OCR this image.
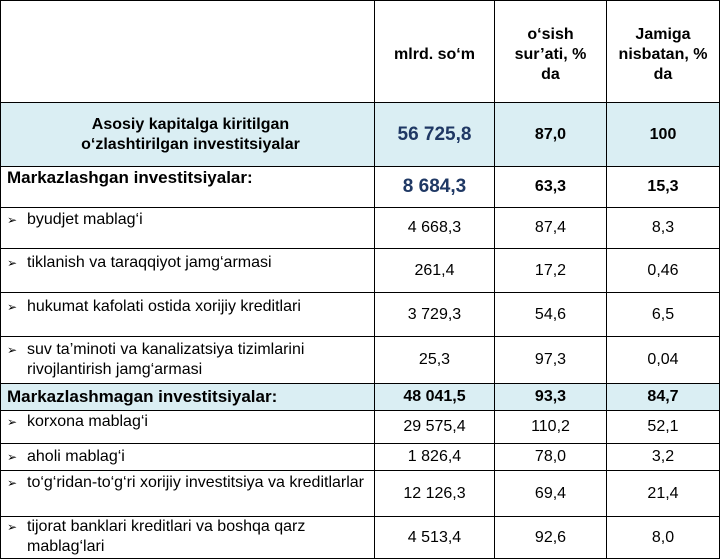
	mlrd. so‘m	o‘sish sur’ati, % da	Jamiga nisbatan, % da
Asosiy kapitalga kiritilgan o‘zlashtirilgan investitsiyalar	56 725,8	87,0	100
Markazlashgan investitsiyalar:	8 684,3	63,3	15,3

➢ byudjet mablag‘i	4 668,3	87,4	8,3

➢ tiklanish va taraqqiyot jamg‘armasi	261,4	17,2	0,46

➢ hukumat kafolati ostida xorijiy kreditlari	3 729,3	54,6	6,5

➢ suv ta’minoti va kanalizatsiya tizimlarini rivojlantirish jamg‘armasi	25,3	97,3	0,04
Markazlashmagan investitsiyalar:	48 041,5	93,3	84,7

➢ korxona mablag‘i	29 575,4	110,2	52,1

➢ aholi mablag‘i	1 826,4	78,0	3,2

➢ to‘g‘ridan-to‘g‘ri xorijiy investitsiya va kreditlarlar	12 126,3	69,4	21,4

➢ tijorat banklari kreditlari va boshqa qarz mablag‘lari	4 513,4	92,6	8,0
